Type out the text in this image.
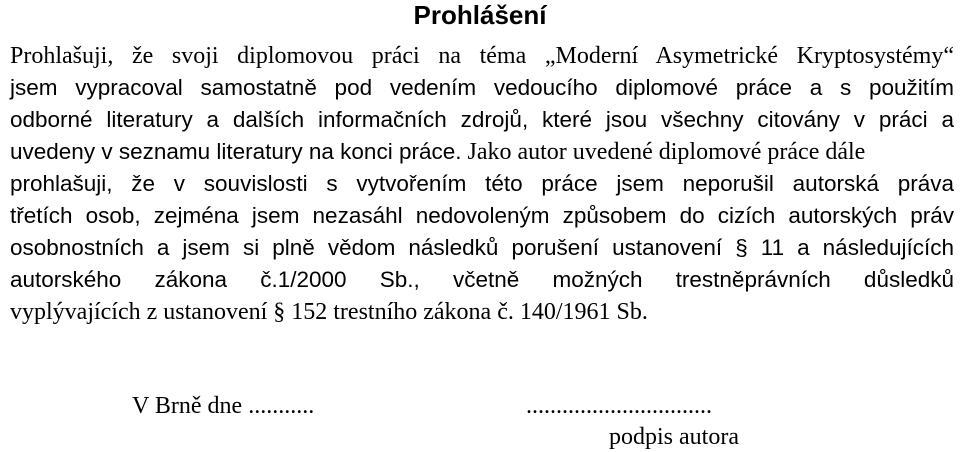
Prohlášení
Prohlašuji, že svoji diplomovou práci na téma „Moderní Asymetrické Kryptosystémy“
jsem vypracoval samostatně pod vedením vedoucího diplomové práce a s použitím
odborné literatury a dalších informačních zdrojů, které jsou všechny citovány v práci a
uvedeny v seznamu literatury na konci práce. Jako autor uvedené diplomové práce dále
prohlašuji, že v souvislosti s vytvořením této práce jsem neporušil autorská práva
třetích osob, zejména jsem nezasáhl nedovoleným způsobem do cizích autorských práv
osobnostních a jsem si plně vědom následků porušení ustanovení § 11 a následujících
autorského zákona č.1/2000 Sb., včetně možných trestněprávních důsledků
vyplývajících z ustanovení § 152 trestního zákona č. 140/1961 Sb.
V Brně dne ...........	...............................
podpis autora
